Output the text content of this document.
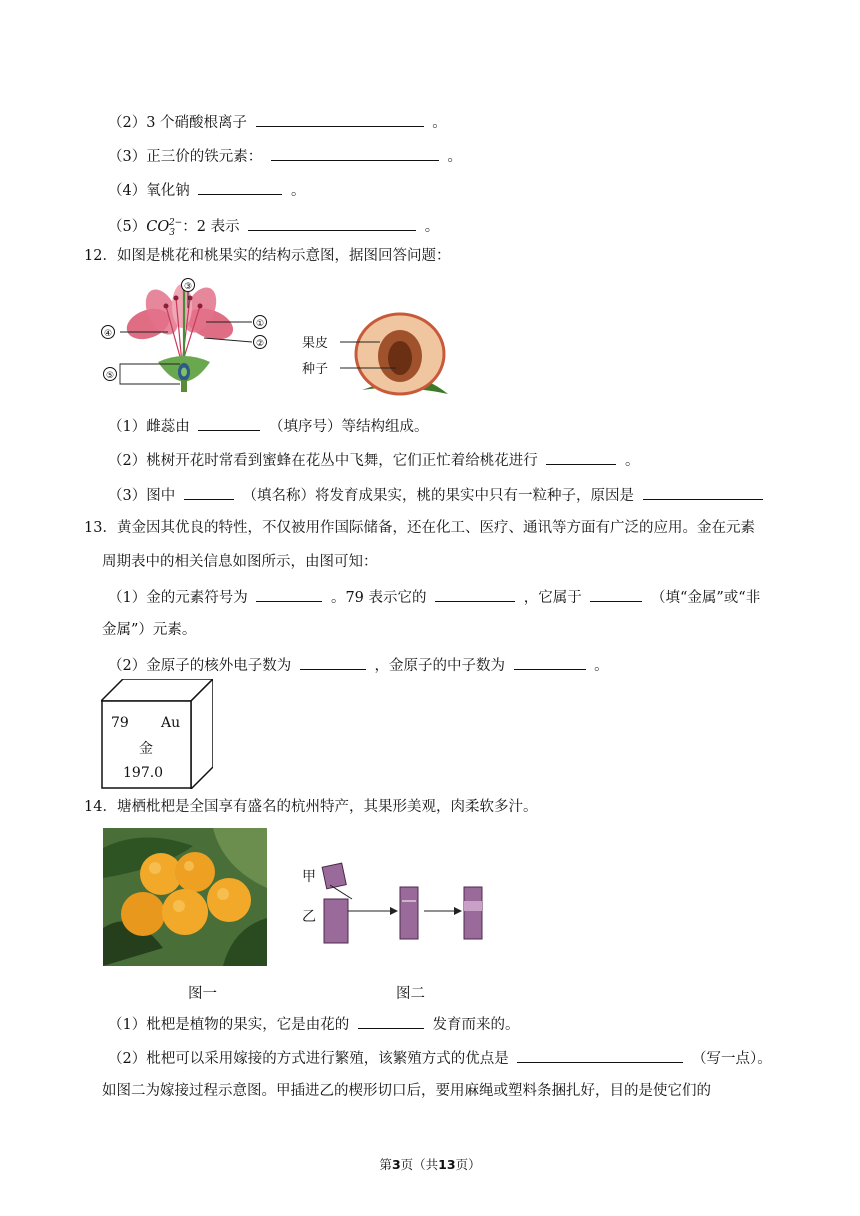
（2）3 个硝酸根离子	。
（3）正三价的铁元素：	。
（4）氧化钠	。
$(5)CO_3^{2-}$：2 表示	。
12．如图是桃花和桃果实的结构示意图，据图回答问题：
③
①
④
②
⑤
果皮
种子
（1）雌蕊由	（填序号）等结构组成。
（2）桃树开花时常看到蜜蜂在花丛中飞舞，它们正忙着给桃花进行	。
（3）图中	（填名称）将发育成果实，桃的果实中只有一粒种子，原因是
13．黄金因其优良的特性，不仅被用作国际储备，还在化工、医疗、通讯等方面有广泛的应用。金在元素
周期表中的相关信息如图所示，由图可知：
（1）金的元素符号为	。79 表示它的	，它属于	（填“金属”或“非
金属”）元素。
（2）金原子的核外电子数为	，金原子的中子数为	。
79 Au
金
197.0
14．塘栖枇杷是全国享有盛名的杭州特产，其果形美观，肉柔软多汁。
图一
甲
乙
图二
（1）枇杷是植物的果实，它是由花的	发育而来的。
（2）枇杷可以采用嫁接的方式进行繁殖，该繁殖方式的优点是	（写一点）。
如图二为嫁接过程示意图。甲插进乙的楔形切口后，要用麻绳或塑料条捆扎好，目的是使它们的
第3页（共13页）
